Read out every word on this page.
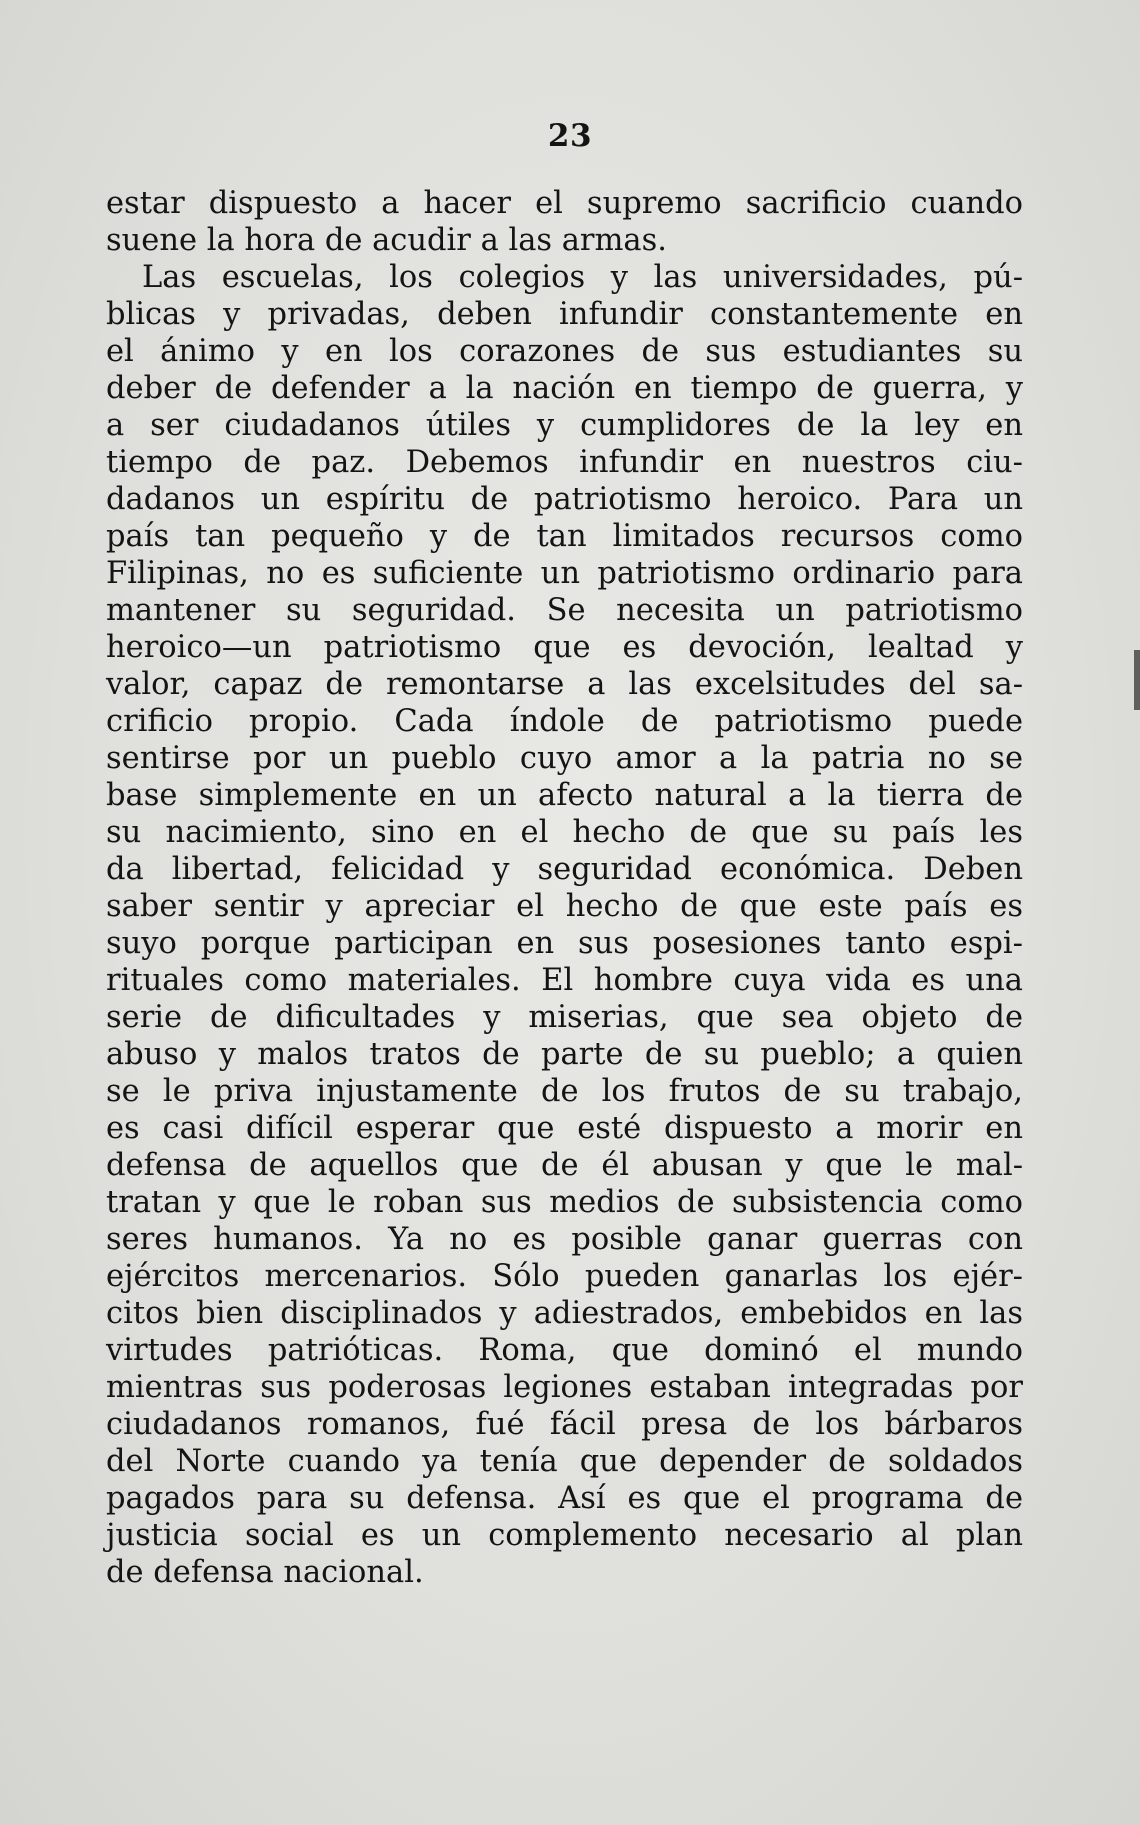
23
estar dispuesto a hacer el supremo sacrificio cuando
suene la hora de acudir a las armas.
Las escuelas, los colegios y las universidades, pú-
blicas y privadas, deben infundir constantemente en
el ánimo y en los corazones de sus estudiantes su
deber de defender a la nación en tiempo de guerra, y
a ser ciudadanos útiles y cumplidores de la ley en
tiempo de paz. Debemos infundir en nuestros ciu-
dadanos un espíritu de patriotismo heroico. Para un
país tan pequeño y de tan limitados recursos como
Filipinas, no es suficiente un patriotismo ordinario para
mantener su seguridad. Se necesita un patriotismo
heroico—un patriotismo que es devoción, lealtad y
valor, capaz de remontarse a las excelsitudes del sa-
crificio propio. Cada índole de patriotismo puede
sentirse por un pueblo cuyo amor a la patria no se
base simplemente en un afecto natural a la tierra de
su nacimiento, sino en el hecho de que su país les
da libertad, felicidad y seguridad económica. Deben
saber sentir y apreciar el hecho de que este país es
suyo porque participan en sus posesiones tanto espi-
rituales como materiales. El hombre cuya vida es una
serie de dificultades y miserias, que sea objeto de
abuso y malos tratos de parte de su pueblo; a quien
se le priva injustamente de los frutos de su trabajo,
es casi difícil esperar que esté dispuesto a morir en
defensa de aquellos que de él abusan y que le mal-
tratan y que le roban sus medios de subsistencia como
seres humanos. Ya no es posible ganar guerras con
ejércitos mercenarios. Sólo pueden ganarlas los ejér-
citos bien disciplinados y adiestrados, embebidos en las
virtudes patrióticas. Roma, que dominó el mundo
mientras sus poderosas legiones estaban integradas por
ciudadanos romanos, fué fácil presa de los bárbaros
del Norte cuando ya tenía que depender de soldados
pagados para su defensa. Así es que el programa de
justicia social es un complemento necesario al plan
de defensa nacional.
